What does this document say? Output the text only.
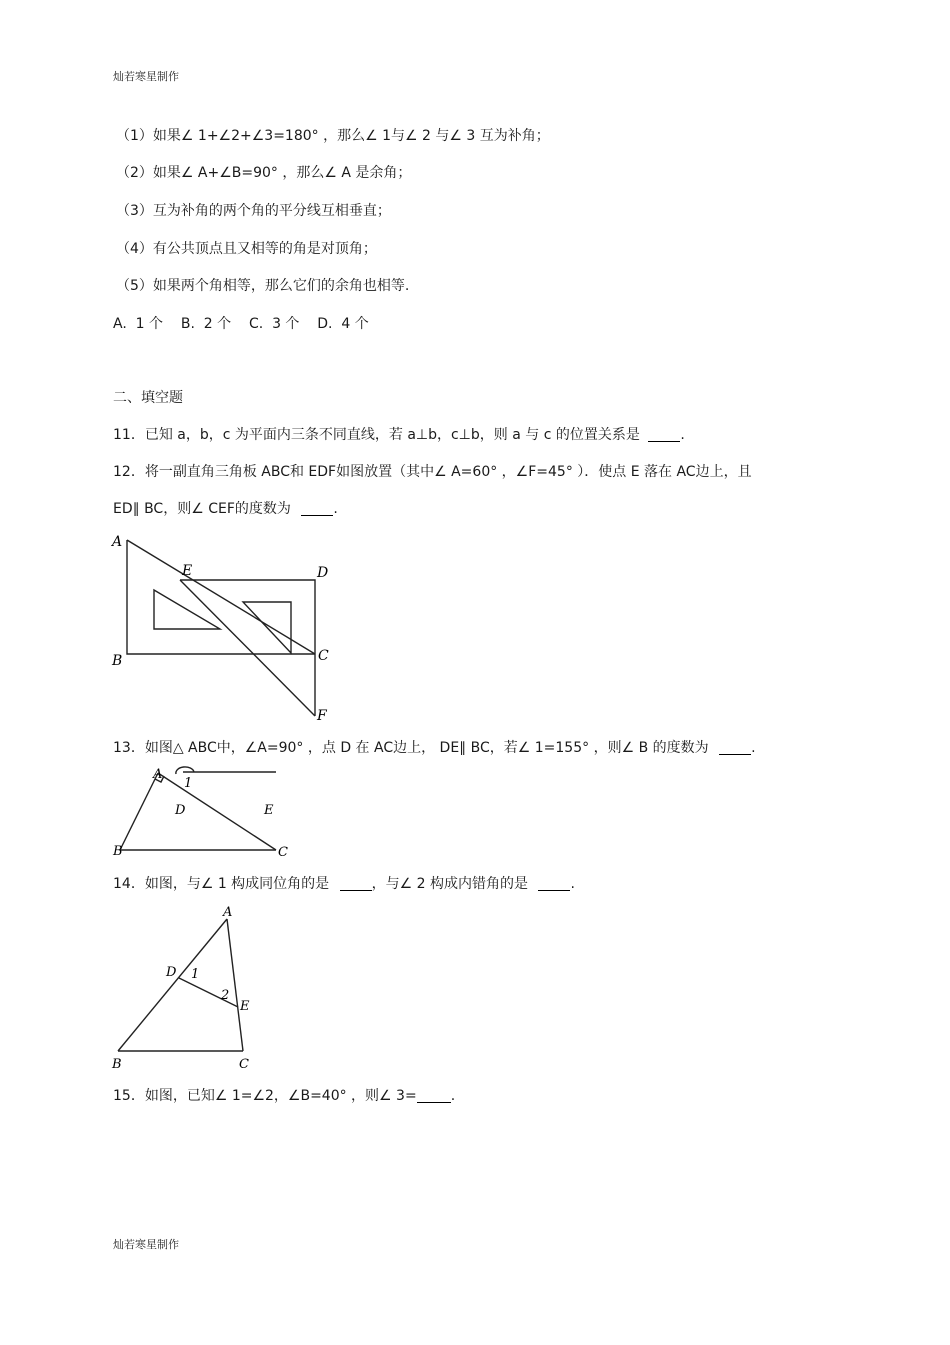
灿若寒星制作
（1）如果∠ 1+∠2+∠3=180° ，那么∠ 1与∠ 2 与∠ 3 互为补角；
（2）如果∠ A+∠B=90° ，那么∠ A 是余角；
（3）互为补角的两个角的平分线互相垂直；
（4）有公共顶点且又相等的角是对顶角；
（5）如果两个角相等，那么它们的余角也相等.
A.  1 个    B.  2 个    C.  3 个    D.  4 个
二、填空题
11．已知 a，b，c 为平面内三条不同直线，若 a⊥b，c⊥b，则 a 与 c 的位置关系是	.
12．将一副直角三角板 ABC和 EDF如图放置（其中∠ A=60° ，∠F=45° ）．使点 E 落在 AC边上，且
ED∥ BC，则∠ CEF的度数为	.
A
B	C
D
E
F
13．如图△ ABC中，∠A=90° ，点 D 在 AC边上， DE∥ BC，若∠ 1=155° ，则∠ B 的度数为	.
A
B	C
D	E
1
14．如图，与∠ 1 构成同位角的是	，与∠ 2 构成内错角的是	.
A
B	C
D
E
1
2
15．如图，已知∠ 1=∠2，∠B=40° ，则∠ 3= .
灿若寒星制作
